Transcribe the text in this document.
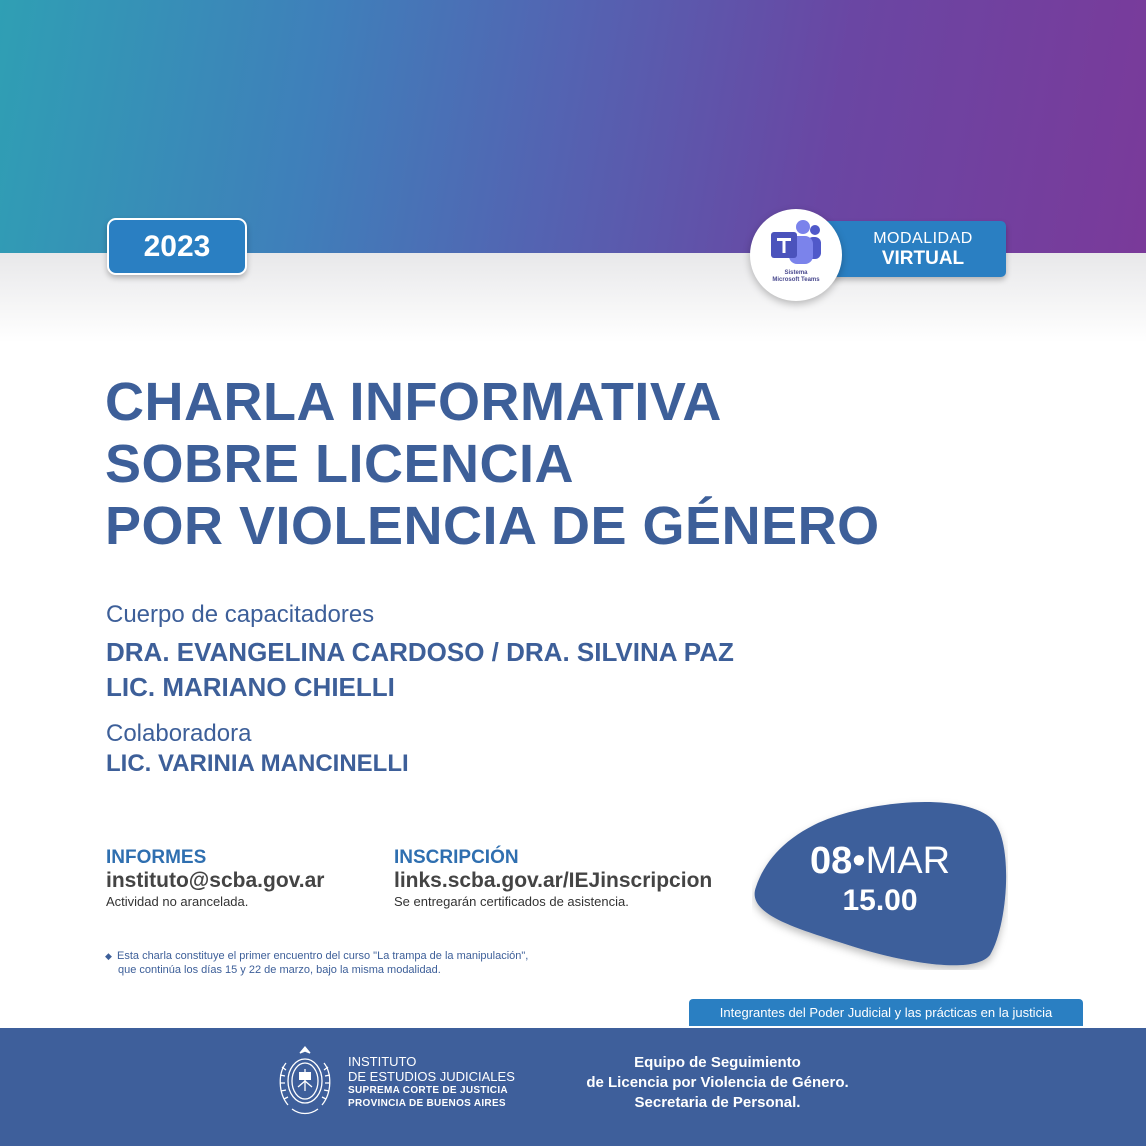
2023	MODALIDAD
VIRTUAL
Sistema
Microsoft Teams
CHARLA INFORMATIVA
SOBRE LICENCIA
POR VIOLENCIA DE GÉNERO
Cuerpo de capacitadores
DRA. EVANGELINA CARDOSO / DRA. SILVINA PAZ
LIC. MARIANO CHIELLI
Colaboradora
LIC. VARINIA MANCINELLI
INFORMES
instituto@scba.gov.ar
Actividad no arancelada.
INSCRIPCIÓN
links.scba.gov.ar/IEJinscripcion
Se entregarán certificados de asistencia.
08•MAR
15.00
◆ Esta charla constituye el primer encuentro del curso "La trampa de la manipulación",
que continúa los días 15 y 22 de marzo, bajo la misma modalidad.
Integrantes del Poder Judicial y las prácticas en la justicia
INSTITUTO
DE ESTUDIOS JUDICIALES
SUPREMA CORTE DE JUSTICIA
PROVINCIA DE BUENOS AIRES
Equipo de Seguimiento
de Licencia por Violencia de Género.
Secretaria de Personal.
